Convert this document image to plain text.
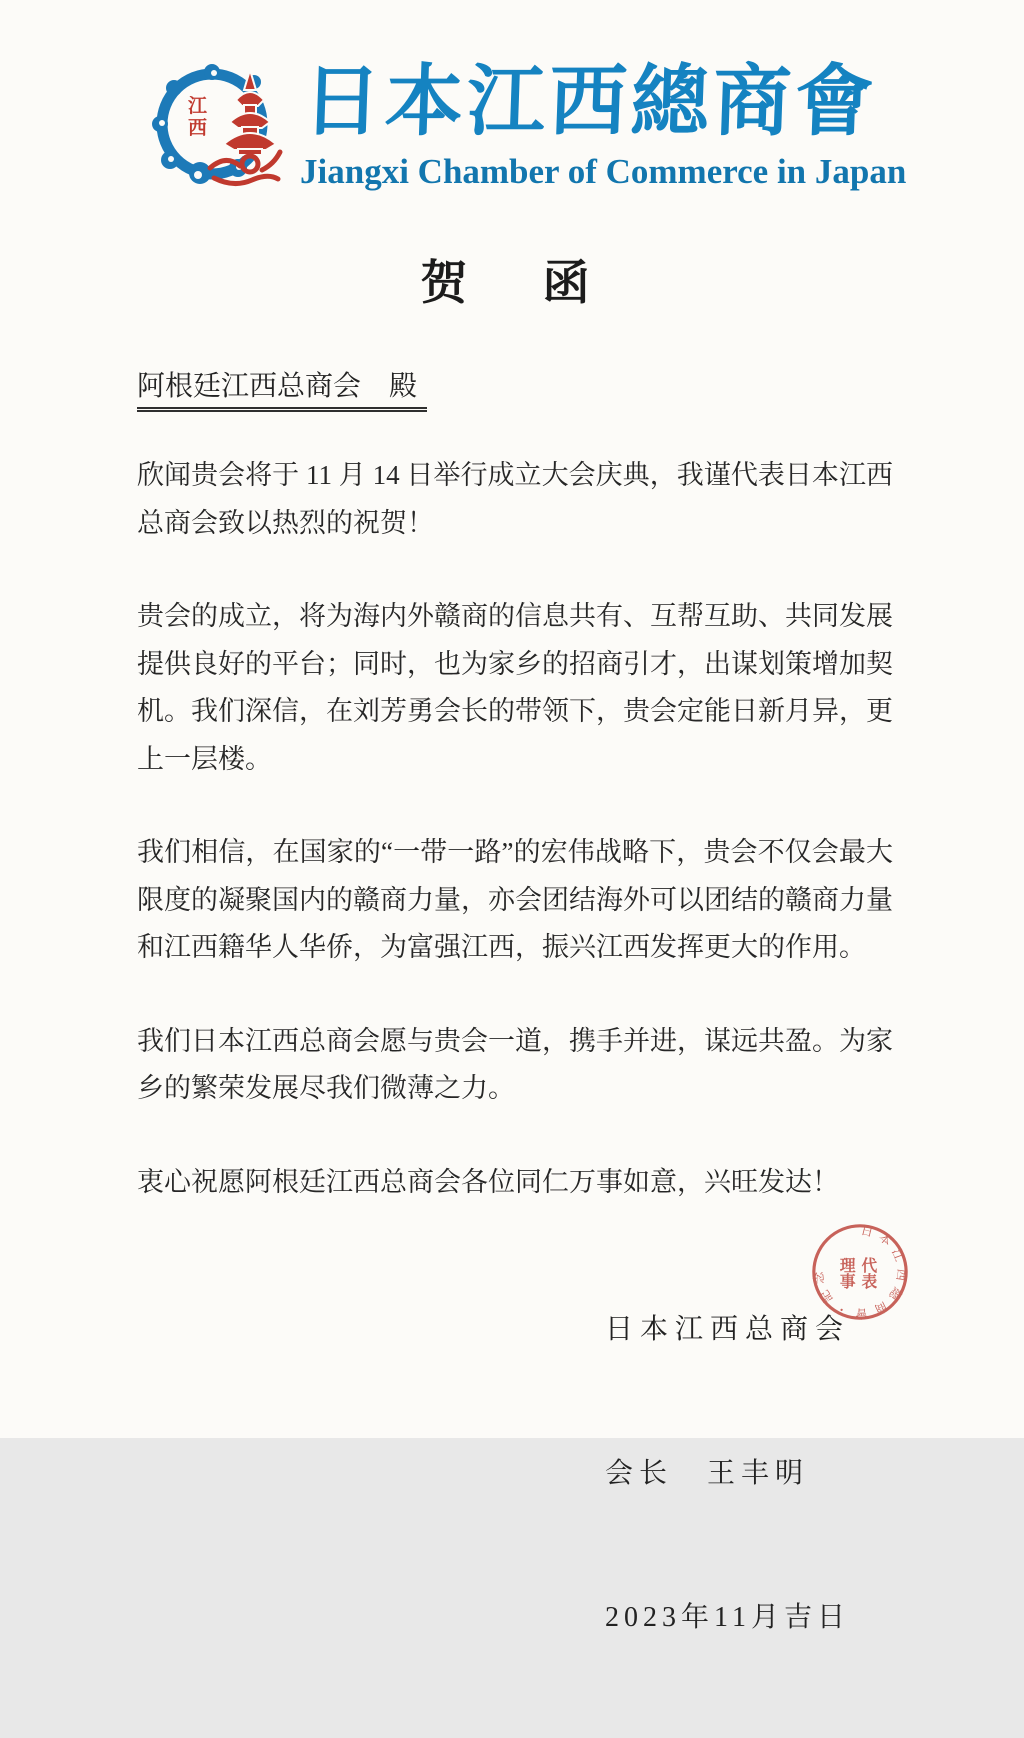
江
西 日本江西總商會
Jiangxi Chamber of Commerce in Japan
贺　函
阿根廷江西总商会　殿

欣闻贵会将于 11 月 14 日举行成立大会庆典，我谨代表日本江西总商会致以热烈的祝贺！

贵会的成立，将为海内外赣商的信息共有、互帮互助、共同发展提供良好的平台；同时，也为家乡的招商引才，出谋划策增加契机。我们深信，在刘芳勇会长的带领下，贵会定能日新月异，更上一层楼。

我们相信，在国家的“一带一路”的宏伟战略下，贵会不仅会最大限度的凝聚国内的赣商力量，亦会团结海外可以团结的赣商力量和江西籍华人华侨，为富强江西，振兴江西发挥更大的作用。

我们日本江西总商会愿与贵会一道，携手并进，谋远共盈。为家乡的繁荣发展尽我们微薄之力。

衷心祝愿阿根廷江西总商会各位同仁万事如意，兴旺发达！

日本江西总商会

会长　王丰明

2023年11月吉日

日本江西總商會・記念	代表
理事
